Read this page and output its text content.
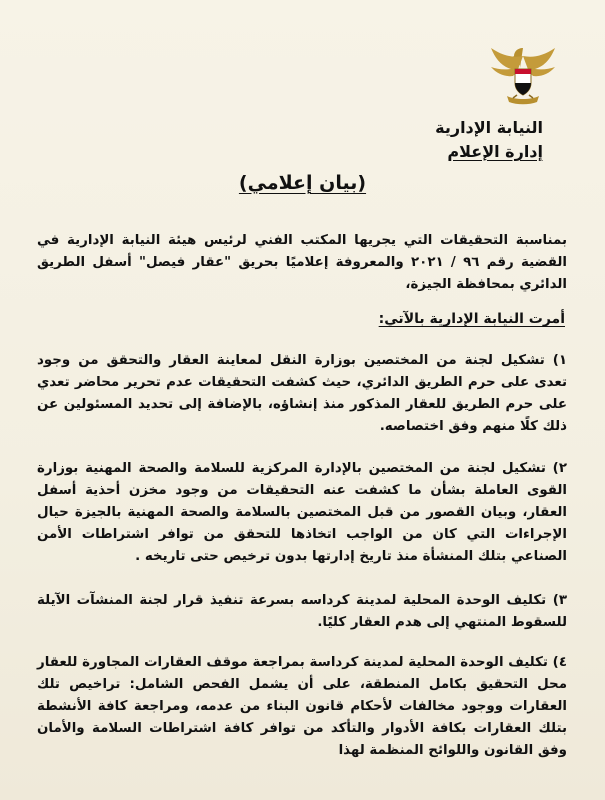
النيابة الإدارية
إدارة الإعلام
(بيان إعلامي)

بمناسبة التحقيقات التي يجريها المكتب الفني لرئيس هيئة النيابة الإدارية في القضية رقم ٩٦ / ٢٠٢١ والمعروفة إعلاميًا بحريق "عقار فيصل" أسفل الطريق الدائري بمحافظة الجيزة،

أمرت النيابة الإدارية بالآتي:

١) تشكيل لجنة من المختصين بوزارة النقل لمعاينة العقار والتحقق من وجود تعدى على حرم الطريق الدائري، حيث كشفت التحقيقات عدم تحرير محاضر تعدي على حرم الطريق للعقار المذكور منذ إنشاؤه، بالإضافة إلى تحديد المسئولين عن ذلك كلًا منهم وفق اختصاصه.

٢) تشكيل لجنة من المختصين بالإدارة المركزية للسلامة والصحة المهنية بوزارة القوى العاملة بشأن ما كشفت عنه التحقيقات من وجود مخزن أحذية أسفل العقار، وبيان القصور من قبل المختصين بالسلامة والصحة المهنية بالجيزة حيال الإجراءات التي كان من الواجب اتخاذها للتحقق من توافر اشتراطات الأمن الصناعي بتلك المنشأة منذ تاريخ إدارتها بدون ترخيص حتى تاريخه .

٣) تكليف الوحدة المحلية لمدينة كرداسه بسرعة تنفيذ قرار لجنة المنشآت الآيلة للسقوط المنتهي إلى هدم العقار كليًا.

٤) تكليف الوحدة المحلية لمدينة كرداسة بمراجعة موقف العقارات المجاورة للعقار محل التحقيق بكامل المنطقة، على أن يشمل الفحص الشامل: تراخيص تلك العقارات ووجود مخالفات لأحكام قانون البناء من عدمه، ومراجعة كافة الأنشطة بتلك العقارات بكافة الأدوار والتأكد من توافر كافة اشتراطات السلامة والأمان وفق القانون واللوائح المنظمة لهذا
